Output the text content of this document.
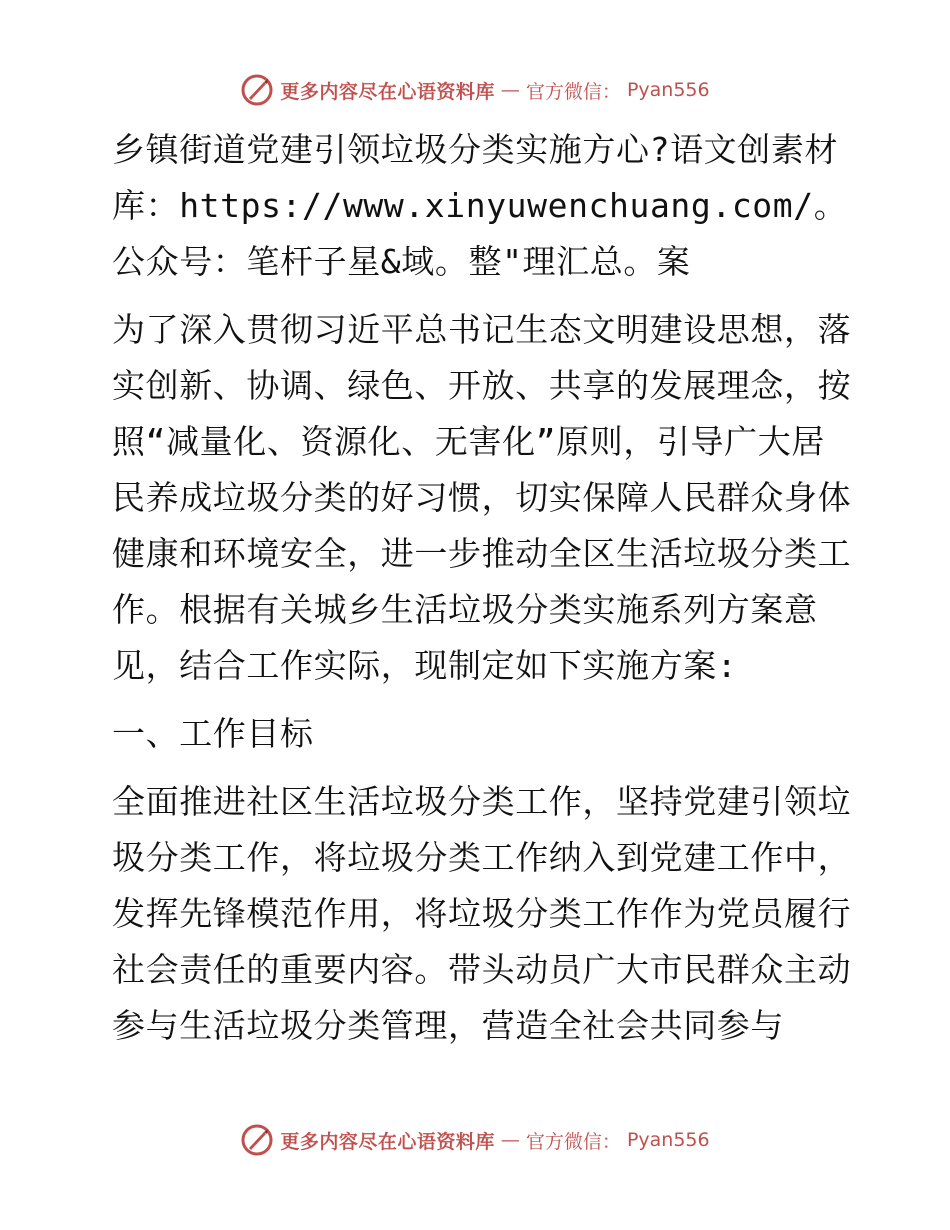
更多内容尽在心语资料库 — 官方微信： Pyan556

乡镇街道党建引领垃圾分类实施方心?语文创素材库：https://www.xinyuwenchuang.com/。公众号：笔杆子星&域。整"理汇总。案

为了深入贯彻习近平总书记生态文明建设思想，落实创新、协调、绿色、开放、共享的发展理念，按照“减量化、资源化、无害化”原则，引导广大居民养成垃圾分类的好习惯，切实保障人民群众身体健康和环境安全，进一步推动全区生活垃圾分类工作。根据有关城乡生活垃圾分类实施系列方案意见，结合工作实际，现制定如下实施方案:

一、工作目标

全面推进社区生活垃圾分类工作，坚持党建引领垃圾分类工作，将垃圾分类工作纳入到党建工作中，发挥先锋模范作用，将垃圾分类工作作为党员履行社会责任的重要内容。带头动员广大市民群众主动参与生活垃圾分类管理，营造全社会共同参与

更多内容尽在心语资料库 — 官方微信： Pyan556
